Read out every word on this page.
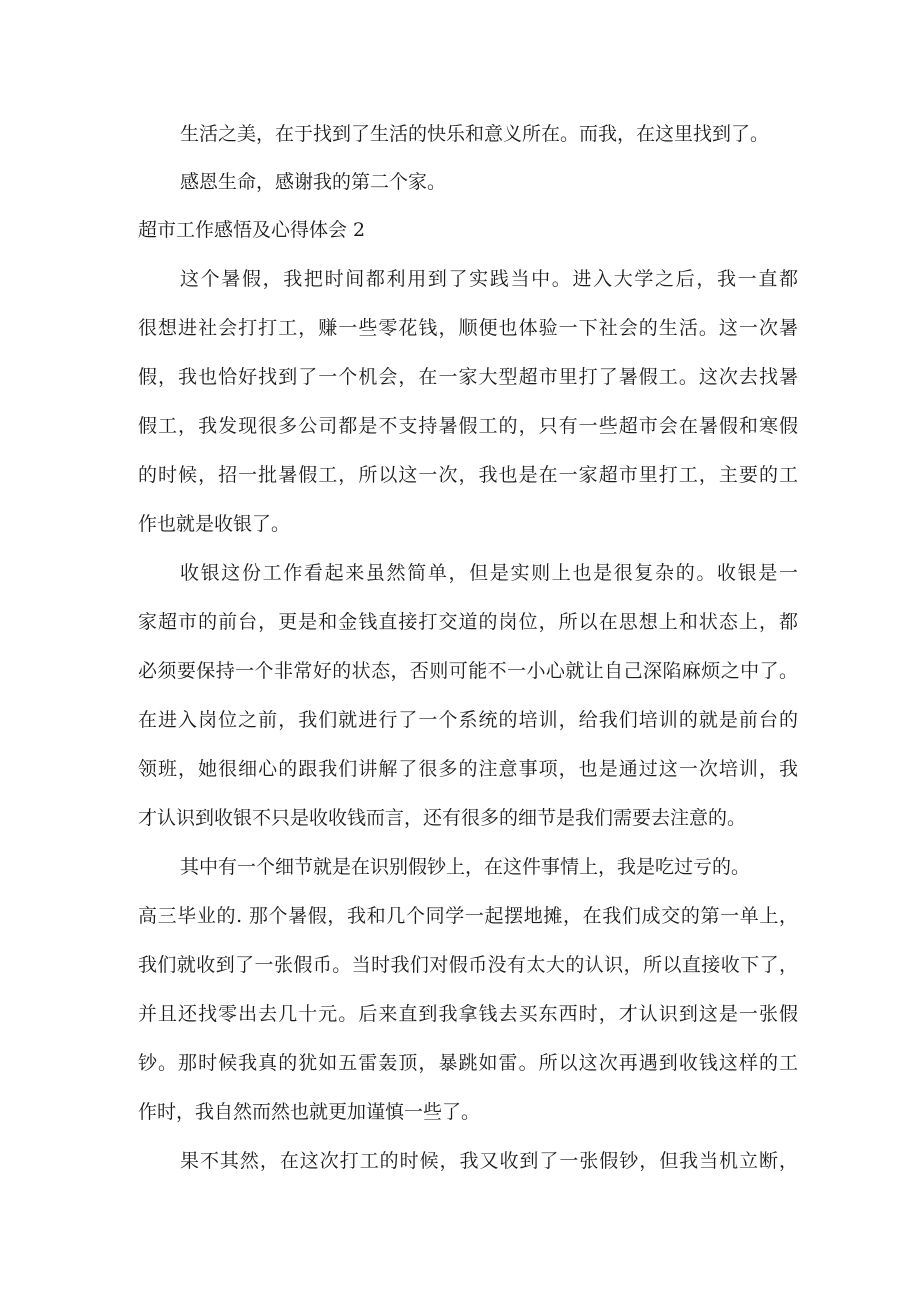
生活之美，在于找到了生活的快乐和意义所在。而我，在这里找到了。
感恩生命，感谢我的第二个家。
超市工作感悟及心得体会 2
这个暑假，我把时间都利用到了实践当中。进入大学之后，我一直都
很想进社会打打工，赚一些零花钱，顺便也体验一下社会的生活。这一次暑
假，我也恰好找到了一个机会，在一家大型超市里打了暑假工。这次去找暑
假工，我发现很多公司都是不支持暑假工的，只有一些超市会在暑假和寒假
的时候，招一批暑假工，所以这一次，我也是在一家超市里打工，主要的工
作也就是收银了。
收银这份工作看起来虽然简单，但是实则上也是很复杂的。收银是一
家超市的前台，更是和金钱直接打交道的岗位，所以在思想上和状态上，都
必须要保持一个非常好的状态，否则可能不一小心就让自己深陷麻烦之中了。
在进入岗位之前，我们就进行了一个系统的培训，给我们培训的就是前台的
领班，她很细心的跟我们讲解了很多的注意事项，也是通过这一次培训，我
才认识到收银不只是收收钱而言，还有很多的细节是我们需要去注意的。
其中有一个细节就是在识别假钞上，在这件事情上，我是吃过亏的。
高三毕业的. 那个暑假，我和几个同学一起摆地摊，在我们成交的第一单上，
我们就收到了一张假币。当时我们对假币没有太大的认识，所以直接收下了，
并且还找零出去几十元。后来直到我拿钱去买东西时，才认识到这是一张假
钞。那时候我真的犹如五雷轰顶，暴跳如雷。所以这次再遇到收钱这样的工
作时，我自然而然也就更加谨慎一些了。
果不其然，在这次打工的时候，我又收到了一张假钞，但我当机立断，
